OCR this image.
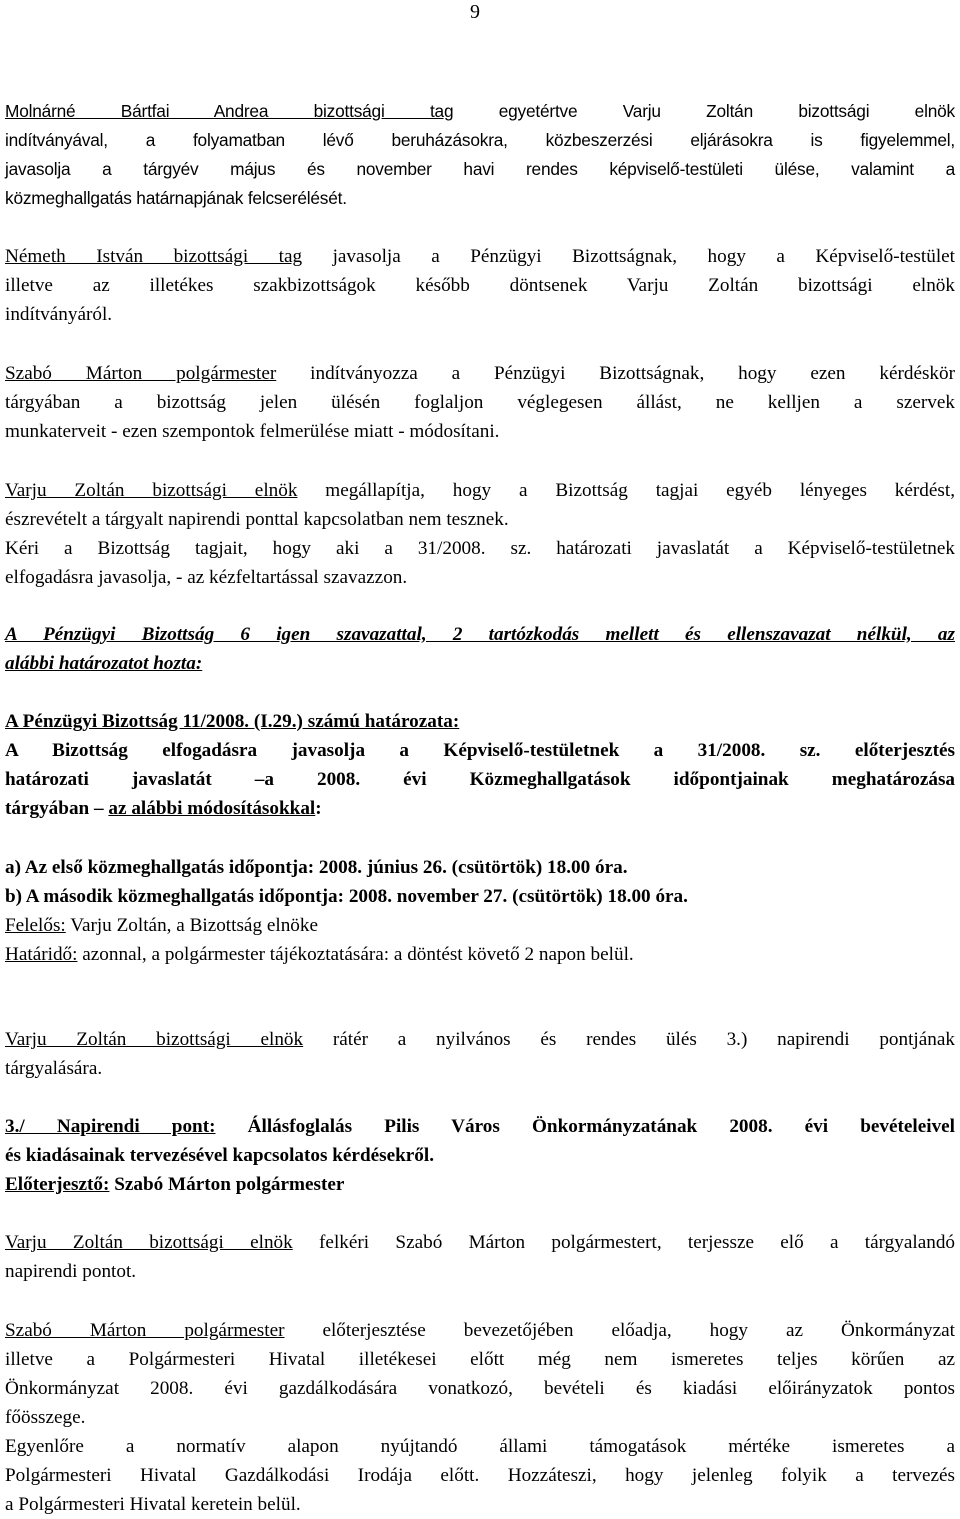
9
Molnárné Bártfai Andrea bizottsági tag	egyetértve Varju Zoltán bizottsági elnök
indítványával, a folyamatban lévő beruházásokra, közbeszerzési eljárásokra is figyelemmel,
javasolja a tárgyév május és november havi rendes képviselő-testületi ülése, valamint a
közmeghallgatás határnapjának felcserélését.
Németh István bizottsági tag javasolja a Pénzügyi Bizottságnak, hogy a Képviselő-testület
illetve az illetékes szakbizottságok később döntsenek Varju Zoltán bizottsági elnök
indítványáról.
Szabó Márton polgármester indítványozza a Pénzügyi Bizottságnak, hogy ezen kérdéskör
tárgyában a bizottság jelen ülésén foglaljon véglegesen állást, ne kelljen a szervek
munkaterveit - ezen szempontok felmerülése miatt - módosítani.
Varju Zoltán bizottsági elnök megállapítja, hogy a Bizottság tagjai egyéb lényeges kérdést,
észrevételt a tárgyalt napirendi ponttal kapcsolatban nem tesznek.
Kéri a Bizottság tagjait, hogy aki a 31/2008. sz. határozati javaslatát a Képviselő-testületnek
elfogadásra javasolja, - az kézfeltartással szavazzon.
A Pénzügyi Bizottság 6 igen szavazattal, 2 tartózkodás mellett és ellenszavazat nélkül, az
alábbi határozatot hozta:
A Pénzügyi Bizottság 11/2008. (I.29.) számú határozata:
A Bizottság elfogadásra javasolja a Képviselő-testületnek a 31/2008. sz. előterjesztés
határozati javaslatát –a 2008. évi Közmeghallgatások időpontjainak meghatározása
tárgyában – az alábbi módosításokkal:
a) Az első közmeghallgatás időpontja: 2008. június 26. (csütörtök) 18.00 óra.
b) A második közmeghallgatás időpontja: 2008. november 27. (csütörtök) 18.00 óra.
Felelős: Varju Zoltán, a Bizottság elnöke
Határidő: azonnal, a polgármester tájékoztatására: a döntést követő 2 napon belül.
Varju Zoltán bizottsági elnök rátér a nyilvános és rendes ülés 3.) napirendi pontjának
tárgyalására.
3./ Napirendi pont: Állásfoglalás Pilis Város Önkormányzatának 2008. évi bevételeivel
és kiadásainak tervezésével kapcsolatos kérdésekről.
Előterjesztő: Szabó Márton polgármester
Varju Zoltán bizottsági elnök felkéri Szabó Márton polgármestert, terjessze elő a tárgyalandó
napirendi pontot.
Szabó Márton polgármester előterjesztése bevezetőjében előadja, hogy az Önkormányzat
illetve a Polgármesteri Hivatal illetékesei előtt még nem ismeretes teljes körűen az
Önkormányzat 2008. évi gazdálkodására vonatkozó, bevételi és kiadási előirányzatok pontos
főösszege.
Egyenlőre a normatív alapon nyújtandó állami támogatások mértéke ismeretes a
Polgármesteri Hivatal Gazdálkodási Irodája előtt. Hozzáteszi, hogy jelenleg folyik a tervezés
a Polgármesteri Hivatal keretein belül.
